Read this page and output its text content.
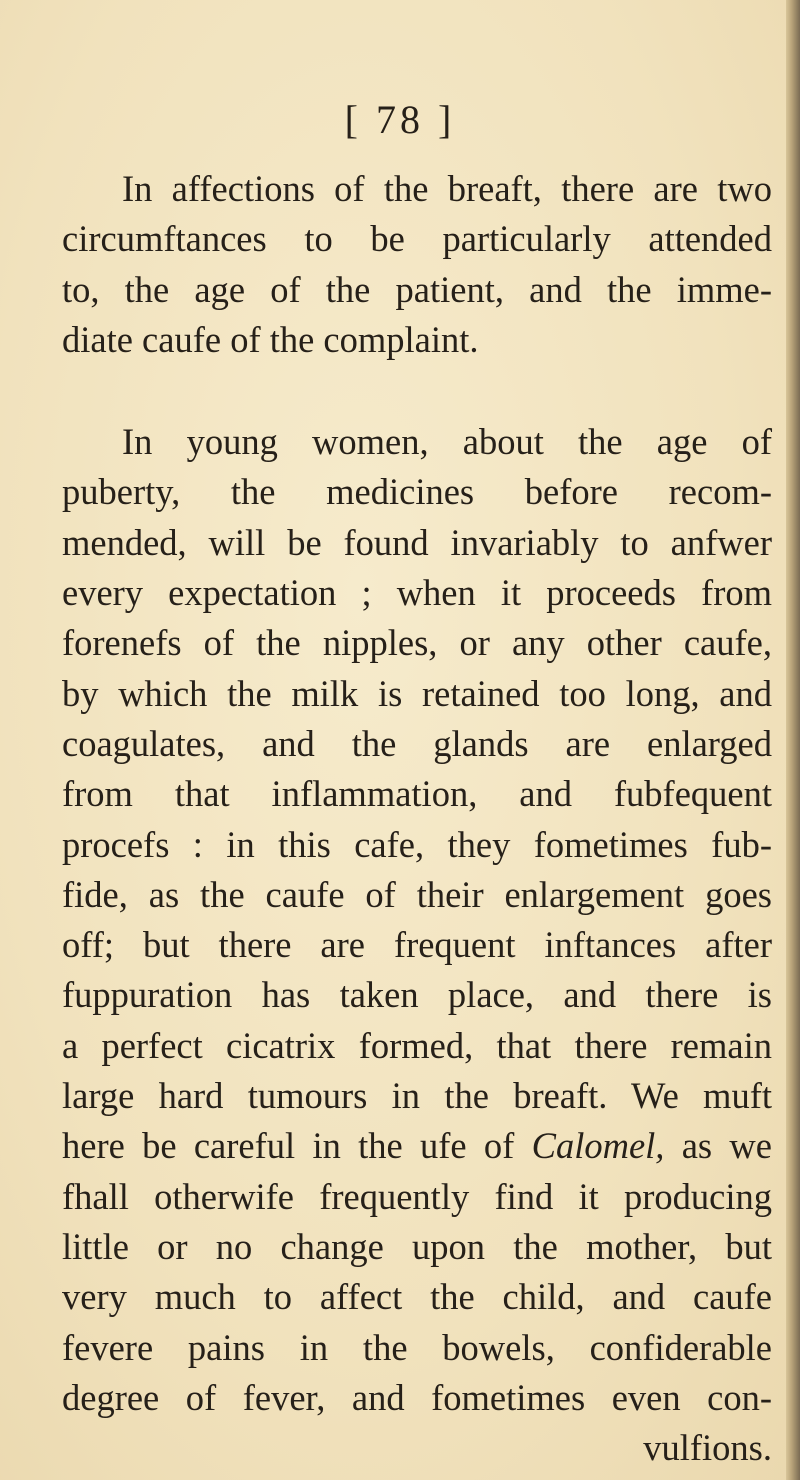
[ 78 ]

In affections of the breaft, there are two

circumftances to be particularly attended

to, the age of the patient, and the imme-

diate caufe of the complaint.

In young women, about the age of

puberty, the medicines before recom-

mended, will be found invariably to anfwer

every expectation ; when it proceeds from

forenefs of the nipples, or any other caufe,

by which the milk is retained too long, and

coagulates, and the glands are enlarged

from that inflammation, and fubfequent

procefs : in this cafe, they fometimes fub-

fide, as the caufe of their enlargement goes

off; but there are frequent inftances after

fuppuration has taken place, and there is

a perfect cicatrix formed, that there remain

large hard tumours in the breaft. We muft

here be careful in the ufe of Calomel, as we

fhall otherwife frequently find it producing

little or no change upon the mother, but

very much to affect the child, and caufe

fevere pains in the bowels, confiderable

degree of fever, and fometimes even con-

vulfions.
